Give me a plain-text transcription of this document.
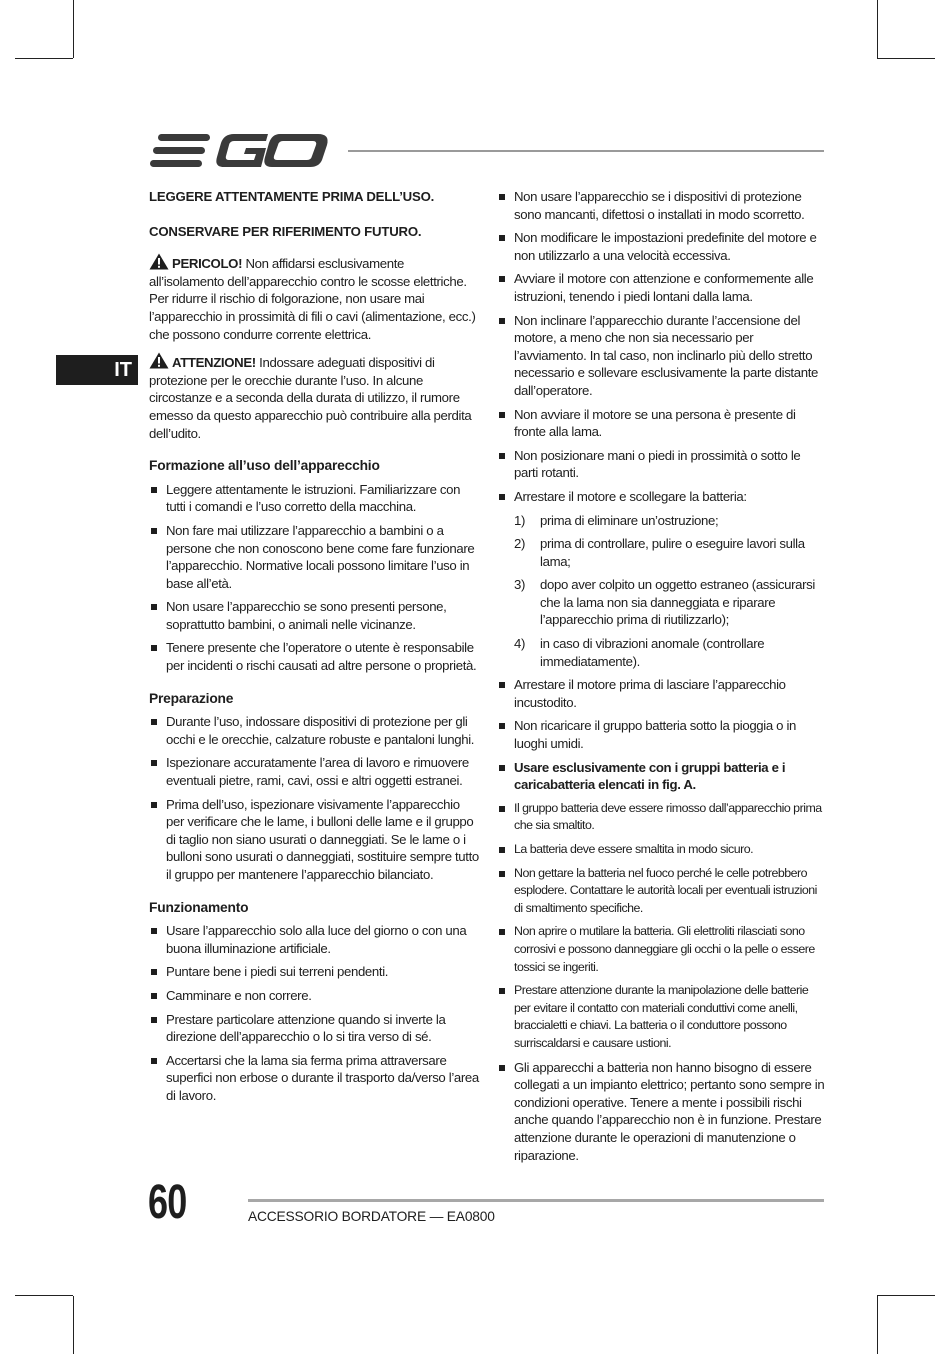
IT

LEGGERE ATTENTAMENTE PRIMA DELL’USO.

CONSERVARE PER RIFERIMENTO FUTURO.

PERICOLO! Non affidarsi esclusivamente all’isolamento dell’apparecchio contro le scosse elettriche. Per ridurre il rischio di folgorazione, non usare mai l’apparecchio in prossimità di fili o cavi (alimentazione, ecc.) che possono condurre corrente elettrica.

ATTENZIONE! Indossare adeguati dispositivi di protezione per le orecchie durante l’uso. In alcune circostanze e a seconda della durata di utilizzo, il rumore emesso da questo apparecchio può contribuire alla perdita dell’udito.

Formazione all’uso dell’apparecchio
Leggere attentamente le istruzioni. Familiarizzare con tutti i comandi e l’uso corretto della macchina.
Non fare mai utilizzare l’apparecchio a bambini o a persone che non conoscono bene come fare funzionare l’apparecchio. Normative locali possono limitare l’uso in base all’età.
Non usare l’apparecchio se sono presenti persone, soprattutto bambini, o animali nelle vicinanze.
Tenere presente che l’operatore o utente è responsabile per incidenti o rischi causati ad altre persone o proprietà.
Preparazione
Durante l’uso, indossare dispositivi di protezione per gli occhi e le orecchie, calzature robuste e pantaloni lunghi.
Ispezionare accuratamente l’area di lavoro e rimuovere eventuali pietre, rami, cavi, ossi e altri oggetti estranei.
Prima dell’uso, ispezionare visivamente l’apparecchio per verificare che le lame, i bulloni delle lame e il gruppo di taglio non siano usurati o danneggiati. Se le lame o i bulloni sono usurati o danneggiati, sostituire sempre tutto il gruppo per mantenere l’apparecchio bilanciato.
Funzionamento
Usare l’apparecchio solo alla luce del giorno o con una buona illuminazione artificiale.
Puntare bene i piedi sui terreni pendenti.
Camminare e non correre.
Prestare particolare attenzione quando si inverte la direzione dell’apparecchio o lo si tira verso di sé.
Accertarsi che la lama sia ferma prima attraversare superfici non erbose o durante il trasporto da/verso l’area di lavoro.
Non usare l’apparecchio se i dispositivi di protezione sono mancanti, difettosi o installati in modo scorretto.
Non modificare le impostazioni predefinite del motore e non utilizzarlo a una velocità eccessiva.
Avviare il motore con attenzione e conformemente alle istruzioni, tenendo i piedi lontani dalla lama.
Non inclinare l’apparecchio durante l’accensione del motore, a meno che non sia necessario per l’avviamento. In tal caso, non inclinarlo più dello stretto necessario e sollevare esclusivamente la parte distante dall’operatore.
Non avviare il motore se una persona è presente di fronte alla lama.
Non posizionare mani o piedi in prossimità o sotto le parti rotanti.
Arrestare il motore e scollegare la batteria:
1) prima di eliminare un’ostruzione;
2) prima di controllare, pulire o eseguire lavori sulla lama;
3) dopo aver colpito un oggetto estraneo (assicurarsi che la lama non sia danneggiata e riparare l’apparecchio prima di riutilizzarlo);
4) in caso di vibrazioni anomale (controllare immediatamente).
Arrestare il motore prima di lasciare l’apparecchio incustodito.
Non ricaricare il gruppo batteria sotto la pioggia o in luoghi umidi.
Usare esclusivamente con i gruppi batteria e i caricabatteria elencati in fig. A.
Il gruppo batteria deve essere rimosso dall’apparecchio prima che sia smaltito.
La batteria deve essere smaltita in modo sicuro.
Non gettare la batteria nel fuoco perché le celle potrebbero esplodere. Contattare le autorità locali per eventuali istruzioni di smaltimento specifiche.
Non aprire o mutilare la batteria. Gli elettroliti rilasciati sono corrosivi e possono danneggiare gli occhi o la pelle o essere tossici se ingeriti.
Prestare attenzione durante la manipolazione delle batterie per evitare il contatto con materiali conduttivi come anelli, braccialetti e chiavi. La batteria o il conduttore possono surriscaldarsi e causare ustioni.
Gli apparecchi a batteria non hanno bisogno di essere collegati a un impianto elettrico; pertanto sono sempre in condizioni operative. Tenere a mente i possibili rischi anche quando l’apparecchio non è in funzione. Prestare attenzione durante le operazioni di manutenzione o riparazione.
60	ACCESSORIO BORDATORE — EA0800
